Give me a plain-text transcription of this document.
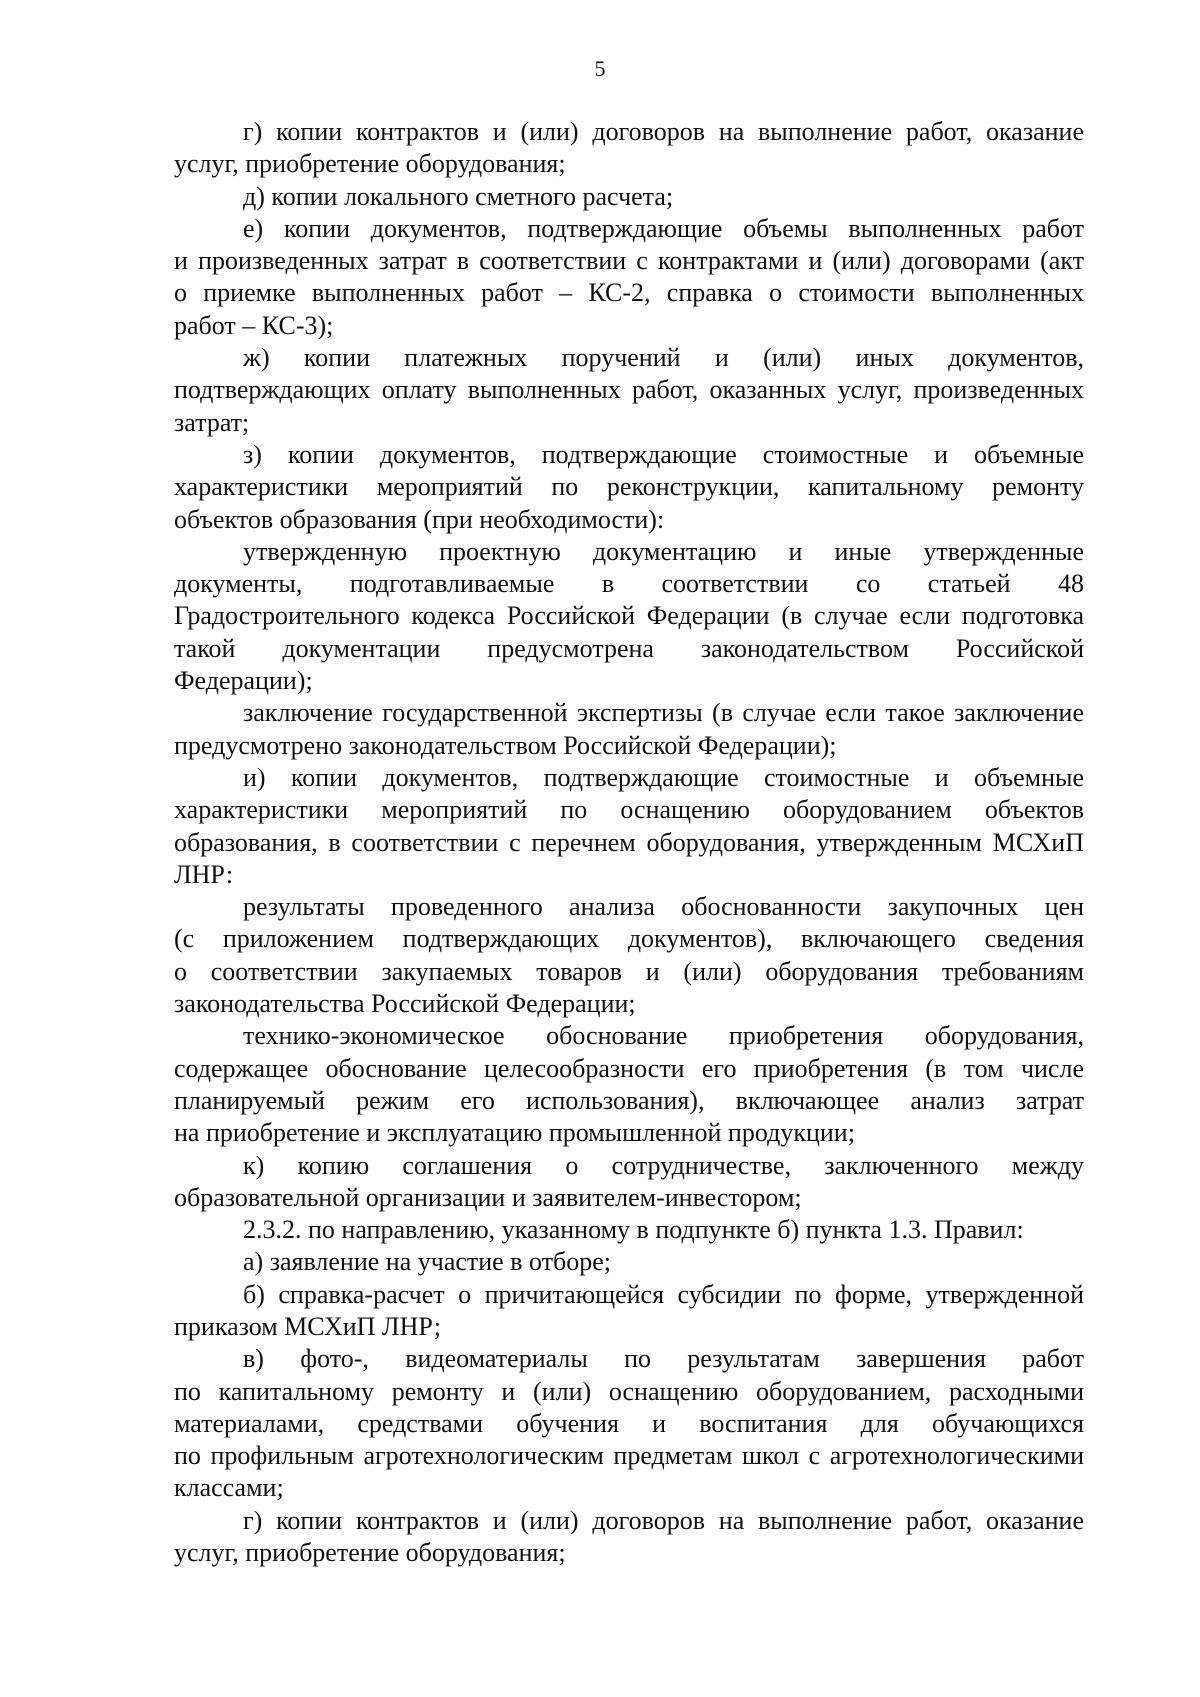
5
г) копии контрактов и (или) договоров на выполнение работ, оказание
услуг, приобретение оборудования;
д) копии локального сметного расчета;
е) копии документов, подтверждающие объемы выполненных работ
и произведенных затрат в соответствии с контрактами и (или) договорами (акт
о приемке выполненных работ – КС-2, справка о стоимости выполненных
работ – КС-3);
ж) копии платежных поручений и (или) иных документов,
подтверждающих оплату выполненных работ, оказанных услуг, произведенных
затрат;
з) копии документов, подтверждающие стоимостные и объемные
характеристики мероприятий по реконструкции, капитальному ремонту
объектов образования (при необходимости):
утвержденную проектную документацию и иные утвержденные
документы, подготавливаемые в соответствии со статьей 48
Градостроительного кодекса Российской Федерации (в случае если подготовка
такой документации предусмотрена законодательством Российской
Федерации);
заключение государственной экспертизы (в случае если такое заключение
предусмотрено законодательством Российской Федерации);
и) копии документов, подтверждающие стоимостные и объемные
характеристики мероприятий по оснащению оборудованием объектов
образования, в соответствии с перечнем оборудования, утвержденным МСХиП
ЛНР:
результаты проведенного анализа обоснованности закупочных цен
(с приложением подтверждающих документов), включающего сведения
о соответствии закупаемых товаров и (или) оборудования требованиям
законодательства Российской Федерации;
технико-экономическое обоснование приобретения оборудования,
содержащее обоснование целесообразности его приобретения (в том числе
планируемый режим его использования), включающее анализ затрат
на приобретение и эксплуатацию промышленной продукции;
к) копию соглашения о сотрудничестве, заключенного между
образовательной организации и заявителем-инвестором;
2.3.2. по направлению, указанному в подпункте б) пункта 1.3. Правил:
а) заявление на участие в отборе;
б) справка-расчет о причитающейся субсидии по форме, утвержденной
приказом МСХиП ЛНР;
в) фото-, видеоматериалы по результатам завершения работ
по капитальному ремонту и (или) оснащению оборудованием, расходными
материалами, средствами обучения и воспитания для обучающихся
по профильным агротехнологическим предметам школ с агротехнологическими
классами;
г) копии контрактов и (или) договоров на выполнение работ, оказание
услуг, приобретение оборудования;
